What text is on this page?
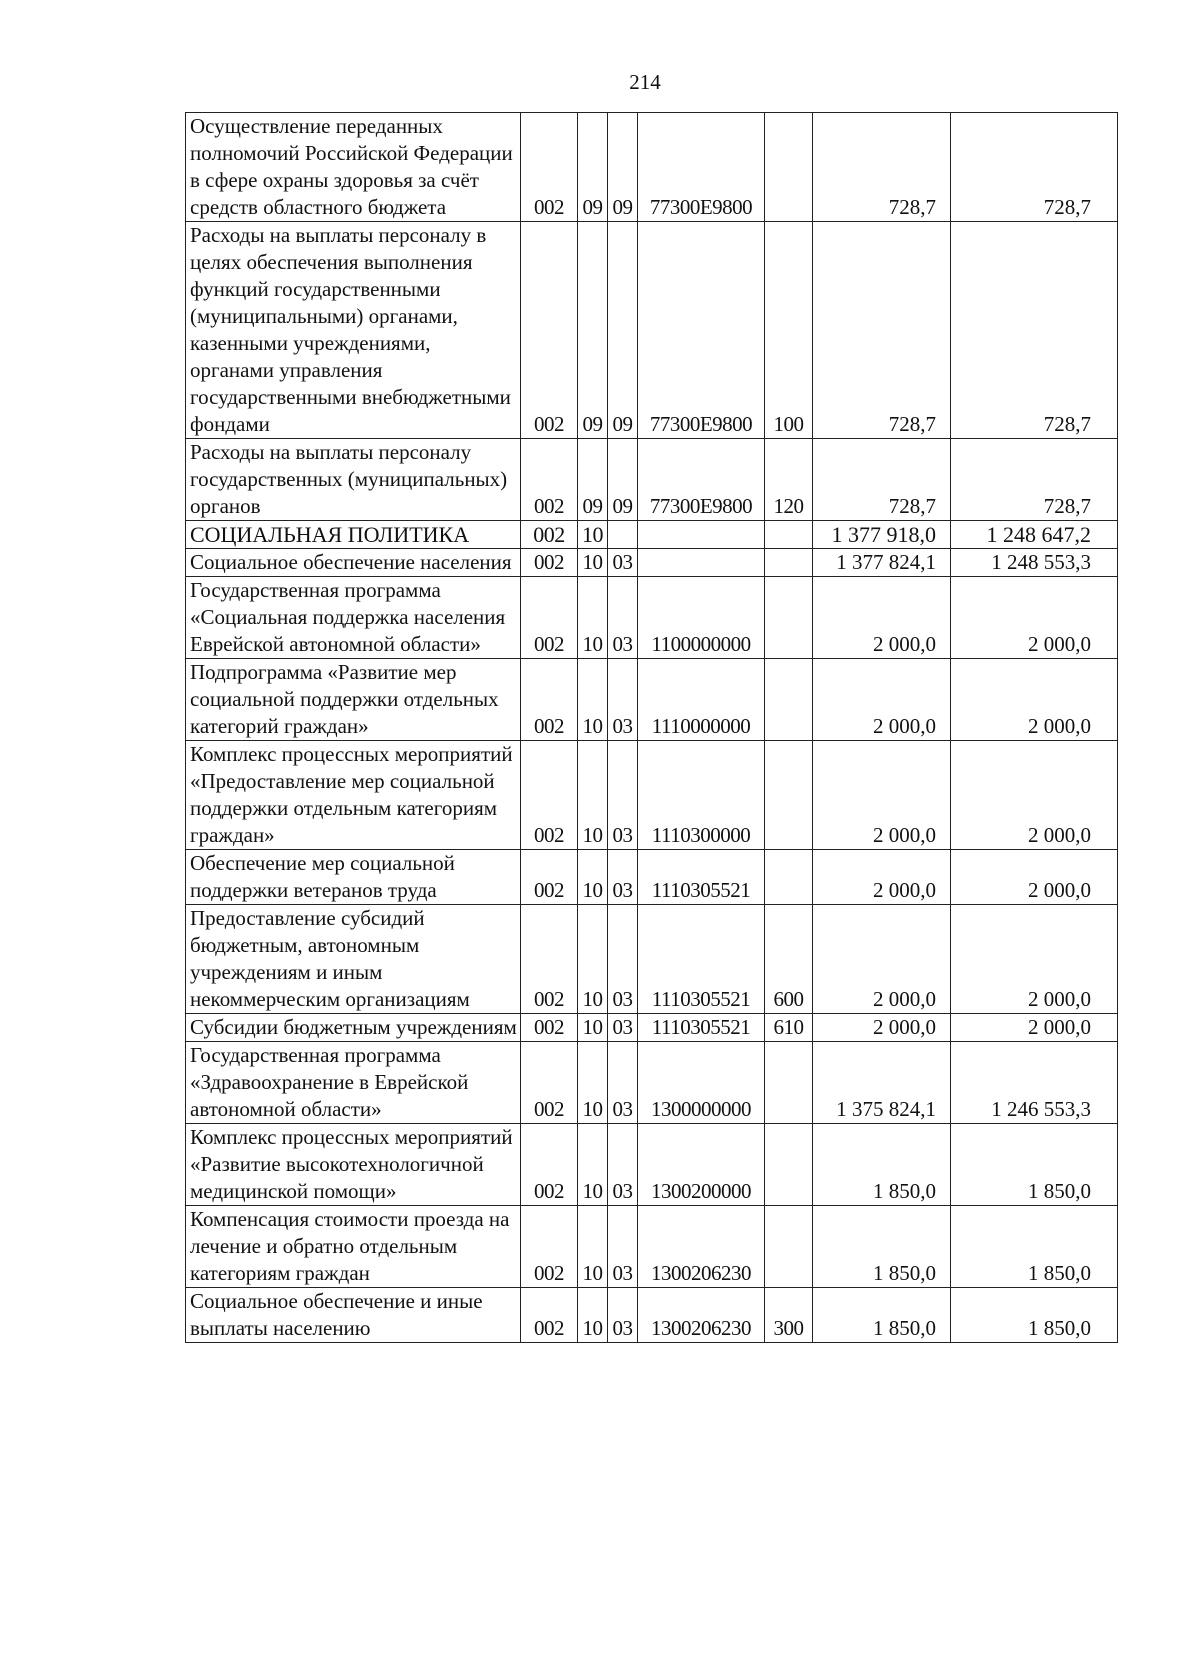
214
Осуществление переданных полномочий Российской Федерации в сфере охраны здоровья за счёт средств областного бюджета	002	09	09	77300E9800		728,7	728,7
Расходы на выплаты персоналу в целях обеспечения выполнения функций государственными (муниципальными) органами, казенными учреждениями, органами управления государственными внебюджетными фондами	002	09	09	77300E9800	100	728,7	728,7
Расходы на выплаты персоналу государственных (муниципальных) органов	002	09	09	77300E9800	120	728,7	728,7
СОЦИАЛЬНАЯ ПОЛИТИКА	002	10				1 377 918,0	1 248 647,2
Социальное обеспечение населения	002	10	03			1 377 824,1	1 248 553,3
Государственная программа «Социальная поддержка населения Еврейской автономной области»	002	10	03	1100000000		2 000,0	2 000,0
Подпрограмма «Развитие мер социальной поддержки отдельных категорий граждан»	002	10	03	1110000000		2 000,0	2 000,0
Комплекс процессных мероприятий «Предоставление мер социальной поддержки отдельным категориям граждан»	002	10	03	1110300000		2 000,0	2 000,0
Обеспечение мер социальной поддержки ветеранов труда	002	10	03	1110305521		2 000,0	2 000,0
Предоставление субсидий бюджетным, автономным учреждениям и иным некоммерческим организациям	002	10	03	1110305521	600	2 000,0	2 000,0
Субсидии бюджетным учреждениям	002	10	03	1110305521	610	2 000,0	2 000,0
Государственная программа «Здравоохранение в Еврейской автономной области»	002	10	03	1300000000		1 375 824,1	1 246 553,3
Комплекс процессных мероприятий «Развитие высокотехнологичной медицинской помощи»	002	10	03	1300200000		1 850,0	1 850,0
Компенсация стоимости проезда на лечение и обратно отдельным категориям граждан	002	10	03	1300206230		1 850,0	1 850,0
Социальное обеспечение и иные выплаты населению	002	10	03	1300206230	300	1 850,0	1 850,0
